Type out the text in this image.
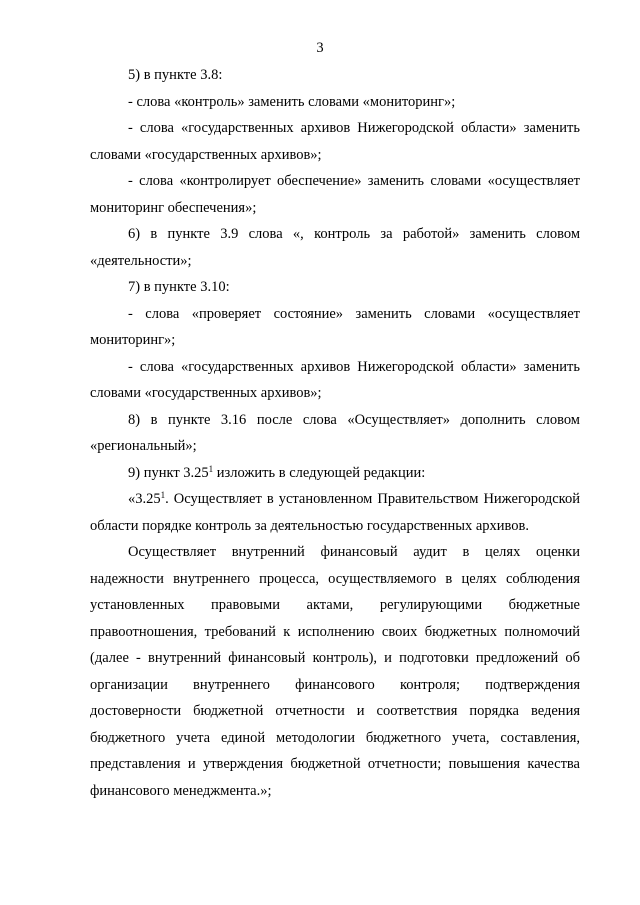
3

5) в пункте 3.8:

- слова «контроль» заменить словами «мониторинг»;

- слова «государственных архивов Нижегородской области» заменить словами «государственных архивов»;

- слова «контролирует обеспечение» заменить словами «осуществляет мониторинг обеспечения»;

6) в пункте 3.9 слова «, контроль за работой» заменить словом «деятельности»;

7) в пункте 3.10:

- слова «проверяет состояние» заменить словами «осуществляет мониторинг»;

- слова «государственных архивов Нижегородской области» заменить словами «государственных архивов»;

8) в пункте 3.16 после слова «Осуществляет» дополнить словом «региональный»;

9) пункт 3.25$^1$ изложить в следующей редакции:

«3.25$^1$. Осуществляет в установленном Правительством Нижегородской области порядке контроль за деятельностью государственных архивов.

Осуществляет внутренний финансовый аудит в целях оценки надежности внутреннего процесса, осуществляемого в целях соблюдения установленных правовыми актами, регулирующими бюджетные правоотношения, требований к исполнению своих бюджетных полномочий (далее - внутренний финансовый контроль), и подготовки предложений об организации внутреннего финансового контроля; подтверждения достоверности бюджетной отчетности и соответствия порядка ведения бюджетного учета единой методологии бюджетного учета, составления, представления и утверждения бюджетной отчетности; повышения качества финансового менеджмента.»;
